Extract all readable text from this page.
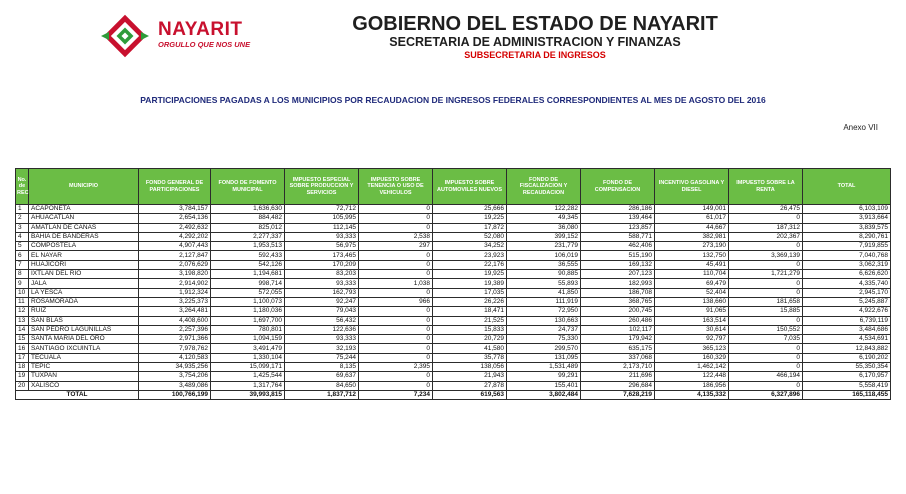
NAYARIT
ORGULLO QUE NOS UNE
GOBIERNO DEL ESTADO DE NAYARIT
SECRETARIA DE ADMINISTRACION Y FINANZAS
SUBSECRETARIA DE INGRESOS
PARTICIPACIONES PAGADAS A LOS MUNICIPIOS POR RECAUDACION DE INGRESOS FEDERALES CORRESPONDIENTES AL MES DE AGOSTO DEL 2016
Anexo VII
No. de REC	MUNICIPIO	FONDO GENERAL DE PARTICIPACIONES	FONDO DE FOMENTO MUNICIPAL	IMPUESTO ESPECIAL SOBRE PRODUCCION Y SERVICIOS	IMPUESTO SOBRE TENENCIA O USO DE VEHICULOS	IMPUESTO SOBRE AUTOMOVILES NUEVOS	FONDO DE FISCALIZACION Y RECAUDACION	FONDO DE COMPENSACION	INCENTIVO GASOLINA Y DIESEL	IMPUESTO SOBRE LA RENTA	TOTAL
1	ACAPONETA	3,784,157	1,636,630	72,712	0	25,666	122,282	286,186	149,001	26,475	6,103,109
2	AHUACATLAN	2,654,136	884,482	105,995	0	19,225	49,345	139,464	61,017	0	3,913,664
3	AMATLAN DE CAÑAS	2,492,632	825,012	112,145	0	17,872	36,080	123,857	44,667	187,312	3,839,575
4	BAHIA DE BANDERAS	4,292,202	2,277,337	93,333	2,538	52,080	399,152	588,771	382,981	202,367	8,290,761
5	COMPOSTELA	4,907,443	1,953,513	56,975	297	34,252	231,779	462,406	273,190	0	7,919,855
6	EL NAYAR	2,127,847	592,433	173,465	0	23,923	106,019	515,190	132,750	3,369,139	7,040,768
7	HUAJICORI	2,076,629	542,126	170,209	0	22,176	36,555	169,132	45,491	0	3,062,319
8	IXTLAN DEL RIO	3,198,820	1,194,681	83,203	0	19,925	90,885	207,123	110,704	1,721,279	6,626,620
9	JALA	2,914,902	998,714	93,333	1,038	19,389	55,893	182,993	69,479	0	4,335,740
10	LA YESCA	1,912,324	572,055	162,793	0	17,035	41,850	186,708	52,404	0	2,945,170
11	ROSAMORADA	3,225,373	1,100,073	92,247	966	26,226	111,919	368,765	138,660	181,658	5,245,887
12	RUIZ	3,264,481	1,180,036	79,043	0	18,471	72,950	200,745	91,065	15,885	4,922,676
13	SAN BLAS	4,408,600	1,697,700	56,432	0	21,525	130,663	260,486	163,514	0	6,739,119
14	SAN PEDRO LAGUNILLAS	2,257,396	780,801	122,636	0	15,833	24,737	102,117	30,614	150,552	3,484,686
15	SANTA MARIA DEL ORO	2,971,366	1,094,159	93,333	0	20,729	75,330	179,942	92,797	7,035	4,534,691
16	SANTIAGO IXCUINTLA	7,978,762	3,491,479	32,193	0	41,580	299,570	635,175	365,123	0	12,843,882
17	TECUALA	4,120,583	1,330,104	75,244	0	35,778	131,095	337,068	160,329	0	6,190,202
18	TEPIC	34,935,256	15,099,171	8,135	2,395	138,056	1,531,489	2,173,710	1,462,142	0	55,350,354
19	TUXPAN	3,754,206	1,425,544	69,637	0	21,943	99,291	211,696	122,448	466,194	6,170,957
20	XALISCO	3,489,086	1,317,764	84,650	0	27,878	155,401	296,684	186,956	0	5,558,419
TOTAL		100,766,199	39,993,815	1,837,712	7,234	619,563	3,802,484	7,628,219	4,135,332	6,327,896	165,118,455
